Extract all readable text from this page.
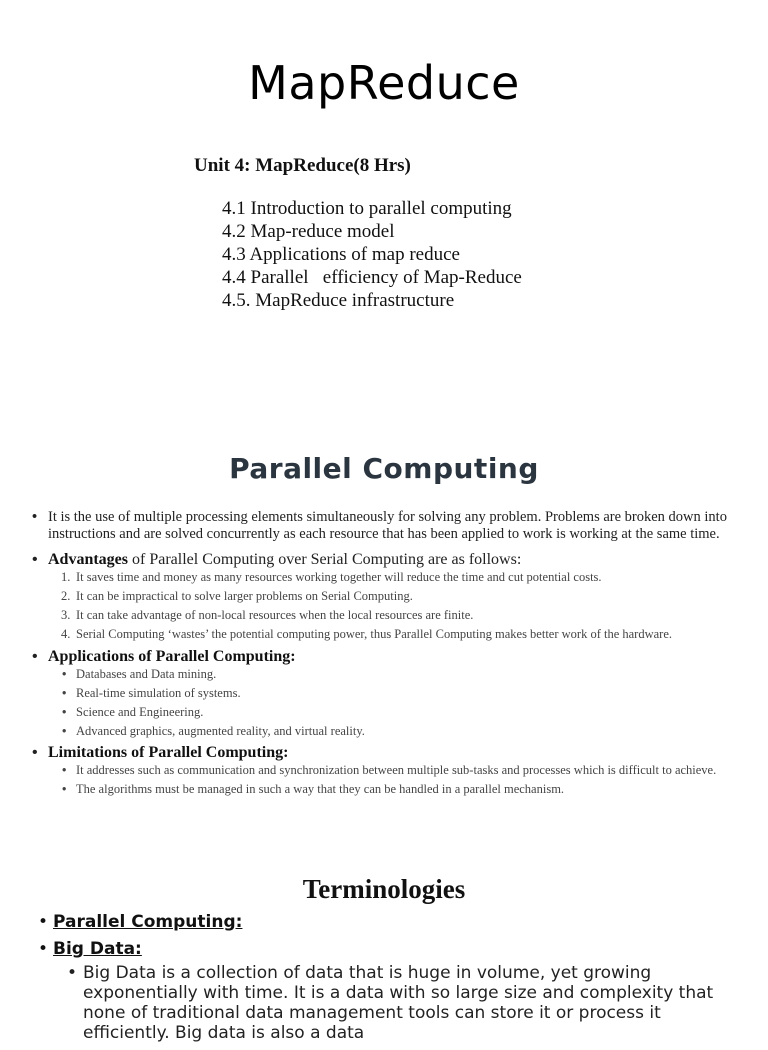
MapReduce
Unit 4: MapReduce(8 Hrs)
4.1 Introduction to parallel computing
4.2 Map-reduce model
4.3 Applications of map reduce
4.4 Parallel   efficiency of Map-Reduce
4.5. MapReduce infrastructure
Parallel Computing
• It is the use of multiple processing elements simultaneously for solving any problem. Problems are broken down into instructions and are solved concurrently as each resource that has been applied to work is working at the same time.
• Advantages of Parallel Computing over Serial Computing are as follows:
1. It saves time and money as many resources working together will reduce the time and cut potential costs.
2. It can be impractical to solve larger problems on Serial Computing.
3. It can take advantage of non-local resources when the local resources are finite.
4. Serial Computing ‘wastes’ the potential computing power, thus Parallel Computing makes better work of the hardware.
• Applications of Parallel Computing:
• Databases and Data mining.
• Real-time simulation of systems.
• Science and Engineering.
• Advanced graphics, augmented reality, and virtual reality.
• Limitations of Parallel Computing:
• It addresses such as communication and synchronization between multiple sub-tasks and processes which is difficult to achieve.
• The algorithms must be managed in such a way that they can be handled in a parallel mechanism.
Terminologies
• Parallel Computing:
• Big Data:
• Big Data is a collection of data that is huge in volume, yet growing exponentially with time. It is a data with so large size and complexity that none of traditional data management tools can store it or process it efficiently. Big data is also a data
